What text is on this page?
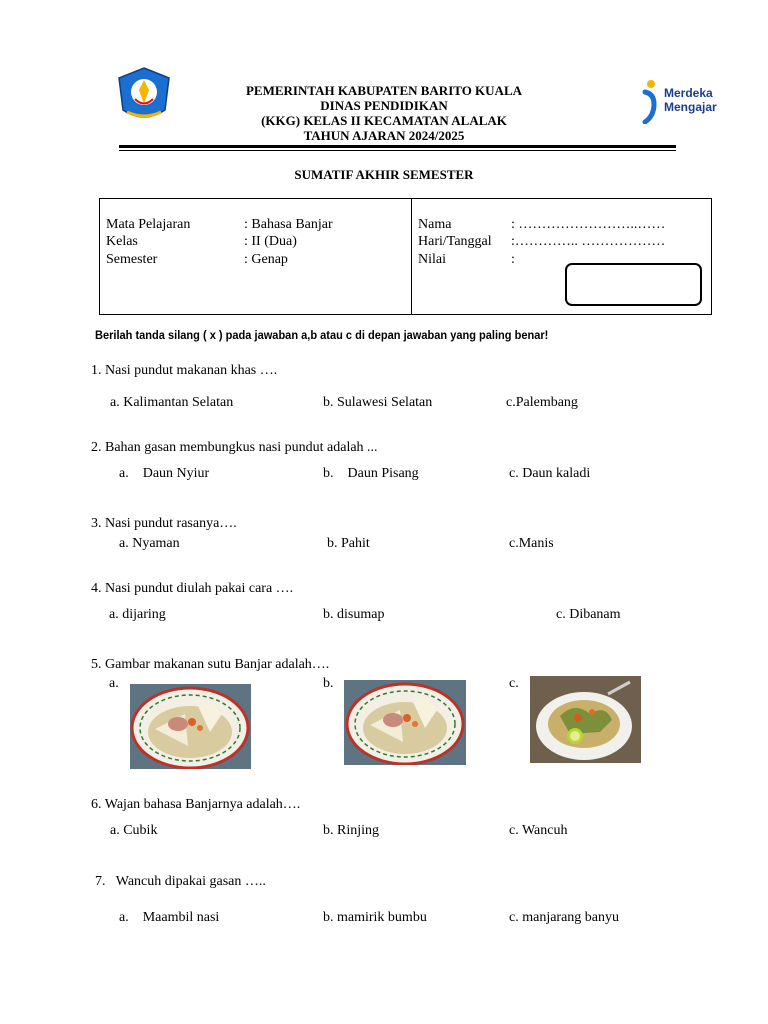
PEMERINTAH KABUPATEN BARITO KUALA
DINAS PENDIDIKAN
(KKG) KELAS II KECAMATAN ALALAK
TAHUN AJARAN 2024/2025
Merdeka
Mengajar
SUMATIF AKHIR SEMESTER
Mata Pelajaran	: Bahasa Banjar
Kelas	: II (Dua)
Semester	: Genap
Nama	: ……………………..……
Hari/Tanggal :………….. ………………
Nilai	:
Berilah tanda silang ( x ) pada jawaban a,b atau c di depan jawaban yang paling benar!
1. Nasi pundut makanan khas ….
a. Kalimantan Selatan	b. Sulawesi Selatan	c.Palembang
2. Bahan gasan membungkus nasi pundut adalah ...
a.    Daun Nyiur	b.    Daun Pisang	c. Daun kaladi
3. Nasi pundut rasanya….
a. Nyaman	b. Pahit	c.Manis
4. Nasi pundut diulah pakai cara ….
a. dijaring	b. disumap	c. Dibanam
5. Gambar makanan sutu Banjar adalah….
a.	b.	c.
6. Wajan bahasa Banjarnya adalah….
a. Cubik	b. Rinjing	c. Wancuh
7.   Wancuh dipakai gasan …..
a.    Maambil nasi	b. mamirik bumbu	c. manjarang banyu
